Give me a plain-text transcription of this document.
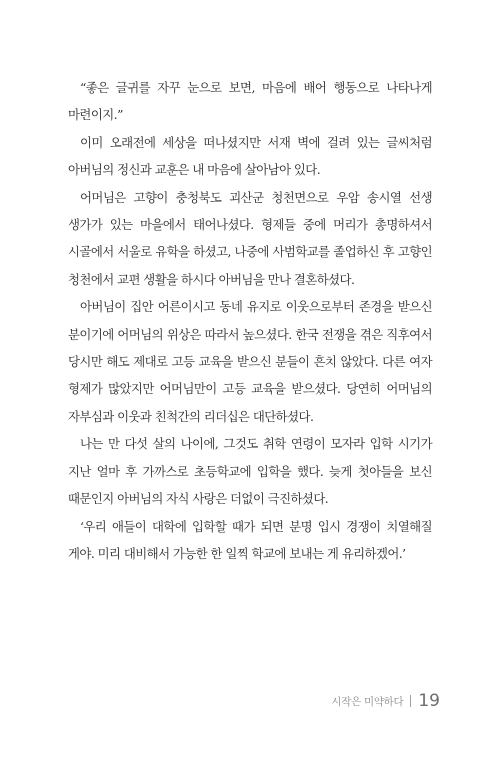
“좋은 글귀를 자꾸 눈으로 보면, 마음에 배어 행동으로 나타나게 마련이지.”

이미 오래전에 세상을 떠나셨지만 서재 벽에 걸려 있는 글씨처럼 아버님의 정신과 교훈은 내 마음에 살아남아 있다.

어머님은 고향이 충청북도 괴산군 청천면으로 우암 송시열 선생 생가가 있는 마을에서 태어나셨다. 형제들 중에 머리가 총명하셔서 시골에서 서울로 유학을 하셨고, 나중에 사범학교를 졸업하신 후 고향인 청천에서 교편 생활을 하시다 아버님을 만나 결혼하셨다.

아버님이 집안 어른이시고 동네 유지로 이웃으로부터 존경을 받으신 분이기에 어머님의 위상은 따라서 높으셨다. 한국 전쟁을 겪은 직후여서 당시만 해도 제대로 고등 교육을 받으신 분들이 흔치 않았다. 다른 여자 형제가 많았지만 어머님만이 고등 교육을 받으셨다. 당연히 어머님의 자부심과 이웃과 친척간의 리더십은 대단하셨다.

나는 만 다섯 살의 나이에, 그것도 취학 연령이 모자라 입학 시기가 지난 얼마 후 가까스로 초등학교에 입학을 했다. 늦게 첫아들을 보신 때문인지 아버님의 자식 사랑은 더없이 극진하셨다.

‘우리 애들이 대학에 입학할 때가 되면 분명 입시 경쟁이 치열해질 게야. 미리 대비해서 가능한 한 일찍 학교에 보내는 게 유리하겠어.’

시작은 미약하다 19
